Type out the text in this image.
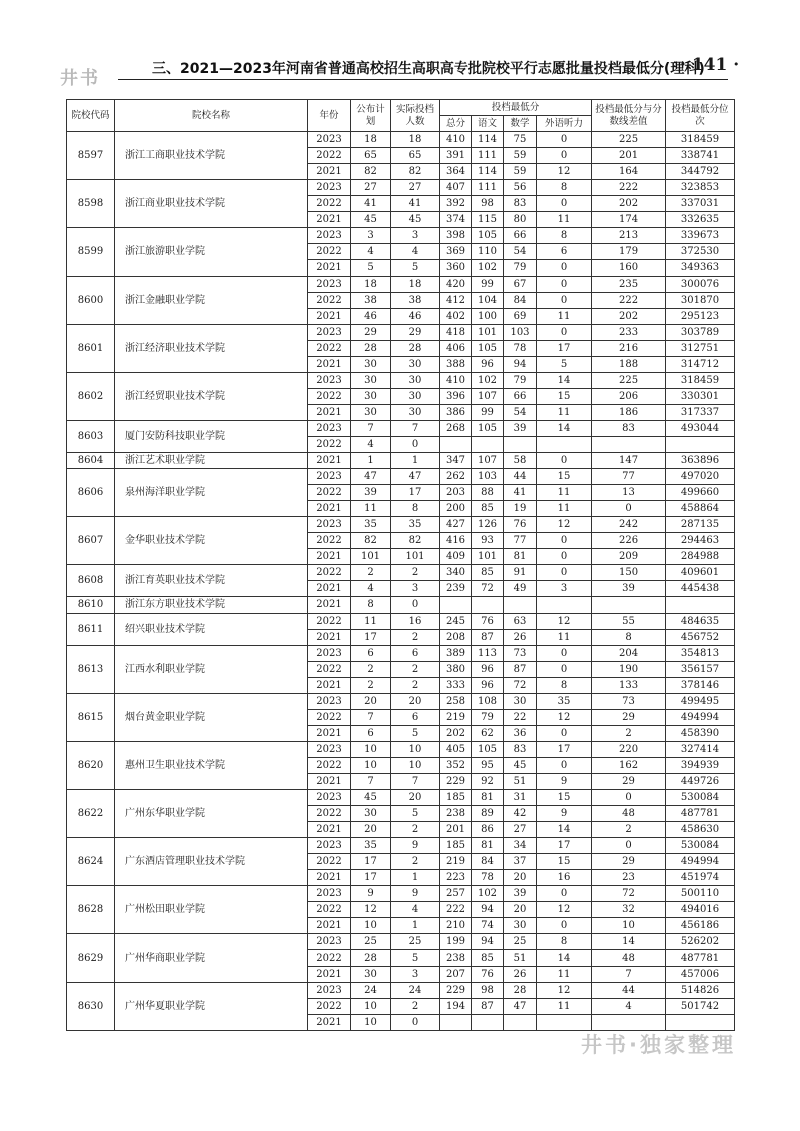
井书	三、2021—2023年河南省普通高校招生高职高专批院校平行志愿批量投档最低分(理科)
· 141 ·
院校代码	院校名称	年份	公布计划	实际投档人数	投档最低分				投档最低分与分数线差值	投档最低分位次
					总分	语文	数学	外语听力		
8597	浙江工商职业技术学院	2023	18	18	410	114	75	0	225	318459
		2022	65	65	391	111	59	0	201	338741
		2021	82	82	364	114	59	12	164	344792
8598	浙江商业职业技术学院	2023	27	27	407	111	56	8	222	323853
		2022	41	41	392	98	83	0	202	337031
		2021	45	45	374	115	80	11	174	332635
8599	浙江旅游职业学院	2023	3	3	398	105	66	8	213	339673
		2022	4	4	369	110	54	6	179	372530
		2021	5	5	360	102	79	0	160	349363
8600	浙江金融职业学院	2023	18	18	420	99	67	0	235	300076
		2022	38	38	412	104	84	0	222	301870
		2021	46	46	402	100	69	11	202	295123
8601	浙江经济职业技术学院	2023	29	29	418	101	103	0	233	303789
		2022	28	28	406	105	78	17	216	312751
		2021	30	30	388	96	94	5	188	314712
8602	浙江经贸职业技术学院	2023	30	30	410	102	79	14	225	318459
		2022	30	30	396	107	66	15	206	330301
		2021	30	30	386	99	54	11	186	317337
8603	厦门安防科技职业学院	2023	7	7	268	105	39	14	83	493044
		2022	4	0						
8604	浙江艺术职业学院	2021	1	1	347	107	58	0	147	363896
8606	泉州海洋职业学院	2023	47	47	262	103	44	15	77	497020
		2022	39	17	203	88	41	11	13	499660
		2021	11	8	200	85	19	11	0	458864
8607	金华职业技术学院	2023	35	35	427	126	76	12	242	287135
		2022	82	82	416	93	77	0	226	294463
		2021	101	101	409	101	81	0	209	284988
8608	浙江育英职业技术学院	2022	2	2	340	85	91	0	150	409601
		2021	4	3	239	72	49	3	39	445438
8610	浙江东方职业技术学院	2021	8	0						
8611	绍兴职业技术学院	2022	11	16	245	76	63	12	55	484635
		2021	17	2	208	87	26	11	8	456752
8613	江西水利职业学院	2023	6	6	389	113	73	0	204	354813
		2022	2	2	380	96	87	0	190	356157
		2021	2	2	333	96	72	8	133	378146
8615	烟台黄金职业学院	2023	20	20	258	108	30	35	73	499495
		2022	7	6	219	79	22	12	29	494994
		2021	6	5	202	62	36	0	2	458390
8620	惠州卫生职业技术学院	2023	10	10	405	105	83	17	220	327414
		2022	10	10	352	95	45	0	162	394939
		2021	7	7	229	92	51	9	29	449726
8622	广州东华职业学院	2023	45	20	185	81	31	15	0	530084
		2022	30	5	238	89	42	9	48	487781
		2021	20	2	201	86	27	14	2	458630
8624	广东酒店管理职业技术学院	2023	35	9	185	81	34	17	0	530084
		2022	17	2	219	84	37	15	29	494994
		2021	17	1	223	78	20	16	23	451974
8628	广州松田职业学院	2023	9	9	257	102	39	0	72	500110
		2022	12	4	222	94	20	12	32	494016
		2021	10	1	210	74	30	0	10	456186
8629	广州华商职业学院	2023	25	25	199	94	25	8	14	526202
		2022	28	5	238	85	51	14	48	487781
		2021	30	3	207	76	26	11	7	457006
8630	广州华夏职业学院	2023	24	24	229	98	28	12	44	514826
		2022	10	2	194	87	47	11	4	501742
		2021	10	0						
井书·独家整理
